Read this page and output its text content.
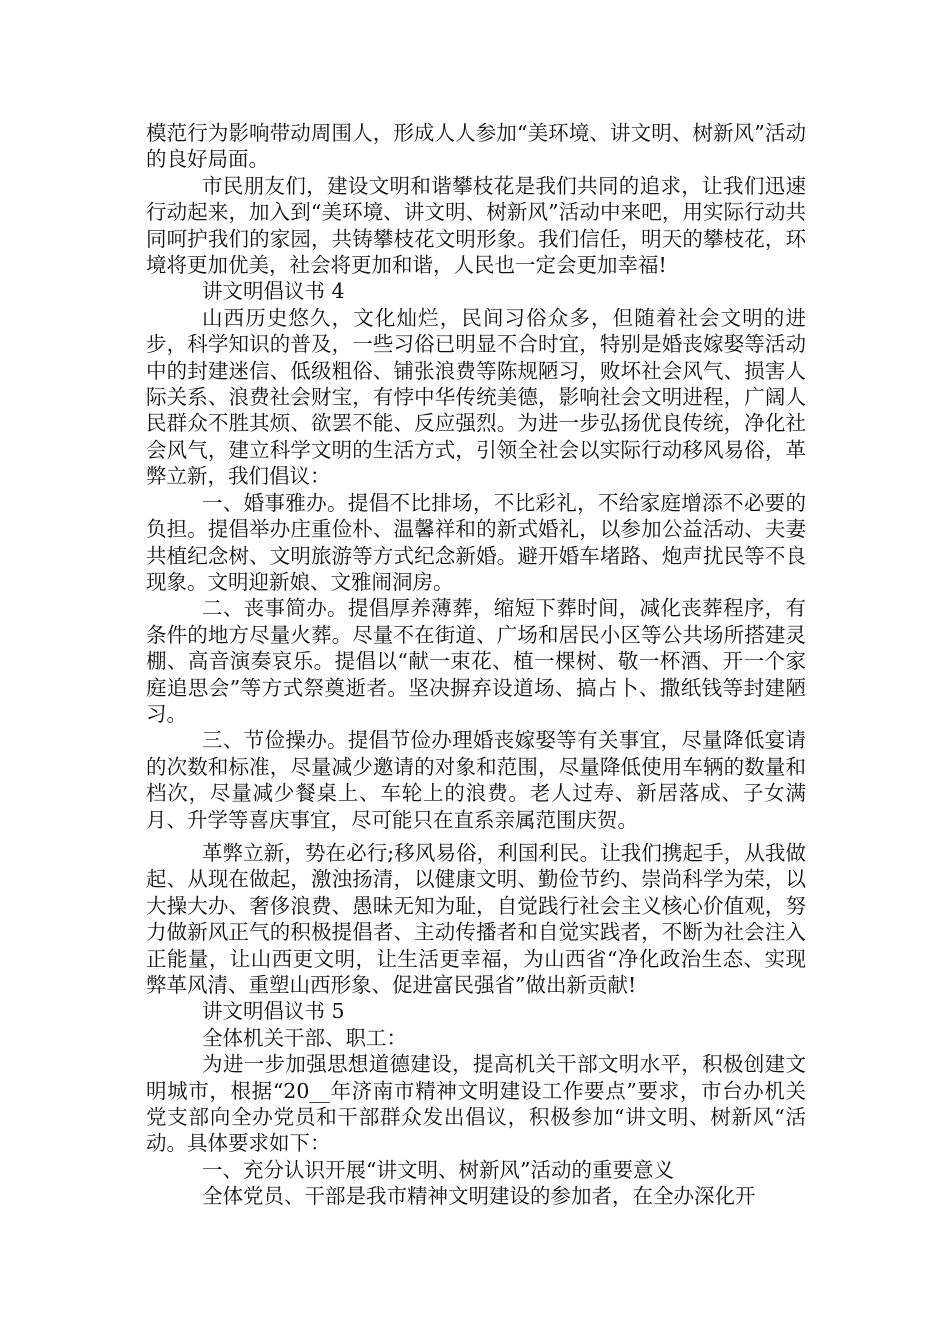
模范行为影响带动周围人，形成人人参加“美环境、讲文明、树新风”活动的良好局面。

市民朋友们，建设文明和谐攀枝花是我们共同的追求，让我们迅速行动起来，加入到“美环境、讲文明、树新风”活动中来吧，用实际行动共同呵护我们的家园，共铸攀枝花文明形象。我们信任，明天的攀枝花，环境将更加优美，社会将更加和谐，人民也一定会更加幸福!

讲文明倡议书 4

山西历史悠久，文化灿烂，民间习俗众多，但随着社会文明的进步，科学知识的普及，一些习俗已明显不合时宜，特别是婚丧嫁娶等活动中的封建迷信、低级粗俗、铺张浪费等陈规陋习，败坏社会风气、损害人际关系、浪费社会财宝，有悖中华传统美德，影响社会文明进程，广阔人民群众不胜其烦、欲罢不能、反应强烈。为进一步弘扬优良传统，净化社会风气，建立科学文明的生活方式，引领全社会以实际行动移风易俗，革弊立新，我们倡议：

一、婚事雅办。提倡不比排场，不比彩礼，不给家庭增添不必要的负担。提倡举办庄重俭朴、温馨祥和的新式婚礼，以参加公益活动、夫妻共植纪念树、文明旅游等方式纪念新婚。避开婚车堵路、炮声扰民等不良现象。文明迎新娘、文雅闹洞房。

二、丧事简办。提倡厚养薄葬，缩短下葬时间，减化丧葬程序，有条件的地方尽量火葬。尽量不在街道、广场和居民小区等公共场所搭建灵棚、高音演奏哀乐。提倡以“献一束花、植一棵树、敬一杯酒、开一个家庭追思会”等方式祭奠逝者。坚决摒弃设道场、搞占卜、撒纸钱等封建陋习。

三、节俭操办。提倡节俭办理婚丧嫁娶等有关事宜，尽量降低宴请的次数和标准，尽量减少邀请的对象和范围，尽量降低使用车辆的数量和档次，尽量减少餐桌上、车轮上的浪费。老人过寿、新居落成、子女满月、升学等喜庆事宜，尽可能只在直系亲属范围庆贺。

革弊立新，势在必行;移风易俗，利国利民。让我们携起手，从我做起、从现在做起，激浊扬清，以健康文明、勤俭节约、崇尚科学为荣，以大操大办、奢侈浪费、愚昧无知为耻，自觉践行社会主义核心价值观，努力做新风正气的积极提倡者、主动传播者和自觉实践者，不断为社会注入正能量，让山西更文明，让生活更幸福，为山西省“净化政治生态、实现弊革风清、重塑山西形象、促进富民强省”做出新贡献!

讲文明倡议书 5

全体机关干部、职工：

为进一步加强思想道德建设，提高机关干部文明水平，积极创建文明城市，根据“20__年济南市精神文明建设工作要点”要求，市台办机关党支部向全办党员和干部群众发出倡议，积极参加“讲文明、树新风“活动。具体要求如下：

一、充分认识开展“讲文明、树新风”活动的重要意义

全体党员、干部是我市精神文明建设的参加者，在全办深化开
